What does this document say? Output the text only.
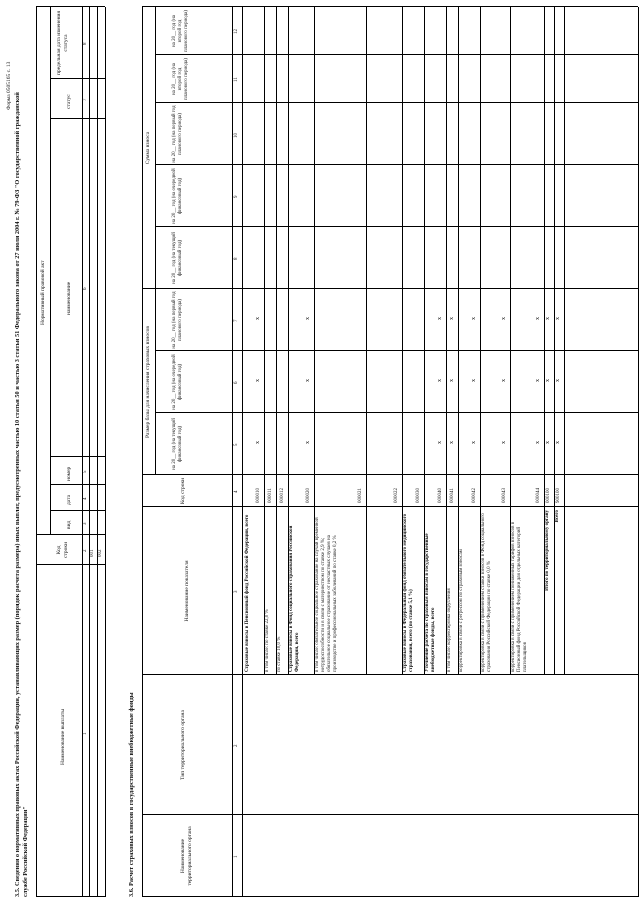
Форма 0505165 с. 13
3.5. Сведения о нормативных правовых актах Российской Федерации, устанавливающих размер (порядок расчета размера) иных выплат, предусмотренных частью 10 статьи 50 и частью 3 статьи 51 Федерального закона от 27 июля 2004 г. № 79-ФЗ "О государственной гражданской службе Российской Федерации"
Наименование выплаты
Код строки
Нормативный правовой акт
вид
дата
номер
наименование
статус
предельная дата изменения статуса
1
2
3
4
5
6
7
8
001 002
3.6. Расчет страховых взносов в государственные внебюджетные фонды	Наименование территориального органа
Тип территориального органа
Наименование показателя
Код строки
Размер базы для начисления страховых взносов
Сумма взноса
на 20__ год (на текущий финансовый год)
на 20__ год (на очередной финансовый год)
на 20__ год (на первый год планового периода)
на 20__ год (на текущий финансовый год)
на 20__ год (на очередной финансовый год)
на 20__ год (на первый год планового периода)
на 20__ год (на второй год планового периода)
на 20__ год (на второй год планового периода)
1
2
3
4
5
6
7
8
9
10
11
12
Страховые взносы в Пенсионный фонд Российской Федерации, всего
000010
x
x
x
в том числе: по ставке 22,0 %
000011
по ставке 10,0 %
000012
Страховые взносы в Фонд социального страхования Российской Федерации, всего
000020
x
x
x
в том числе: обязательное социальное страхование на случай временной нетрудоспособности и в связи с материнством по ставке 2,9 %; обязательное социальное страхование от несчастных случаев на производстве и профессиональных заболеваний по ставке 0,2 %
000021	000022
Страховые взносы в Федеральный фонд обязательного медицинского страхования, всего (по ставке 5,1 %)
000030
Уточнение расчета по страховым взносам в государственные внебюджетные фонды, всего
000040
x
x
x
в том числе: корректировка округления
000041
x
x
x
корректировка в связи с регрессом по страховым взносам
000042
x
x
x
корректировка в связи с применением ставки взносов в Фонд социального страхования Российской Федерации по ставке 0,0 %
000043
x
x
x
корректировка в связи с применением пониженных тарифов взносов в Пенсионный фонд Российской Федерации для отдельных категорий плательщиков
000044
x
x
x
Итого по территориальному органу
000100
x
x
x
Всего
900100
x
x
x
